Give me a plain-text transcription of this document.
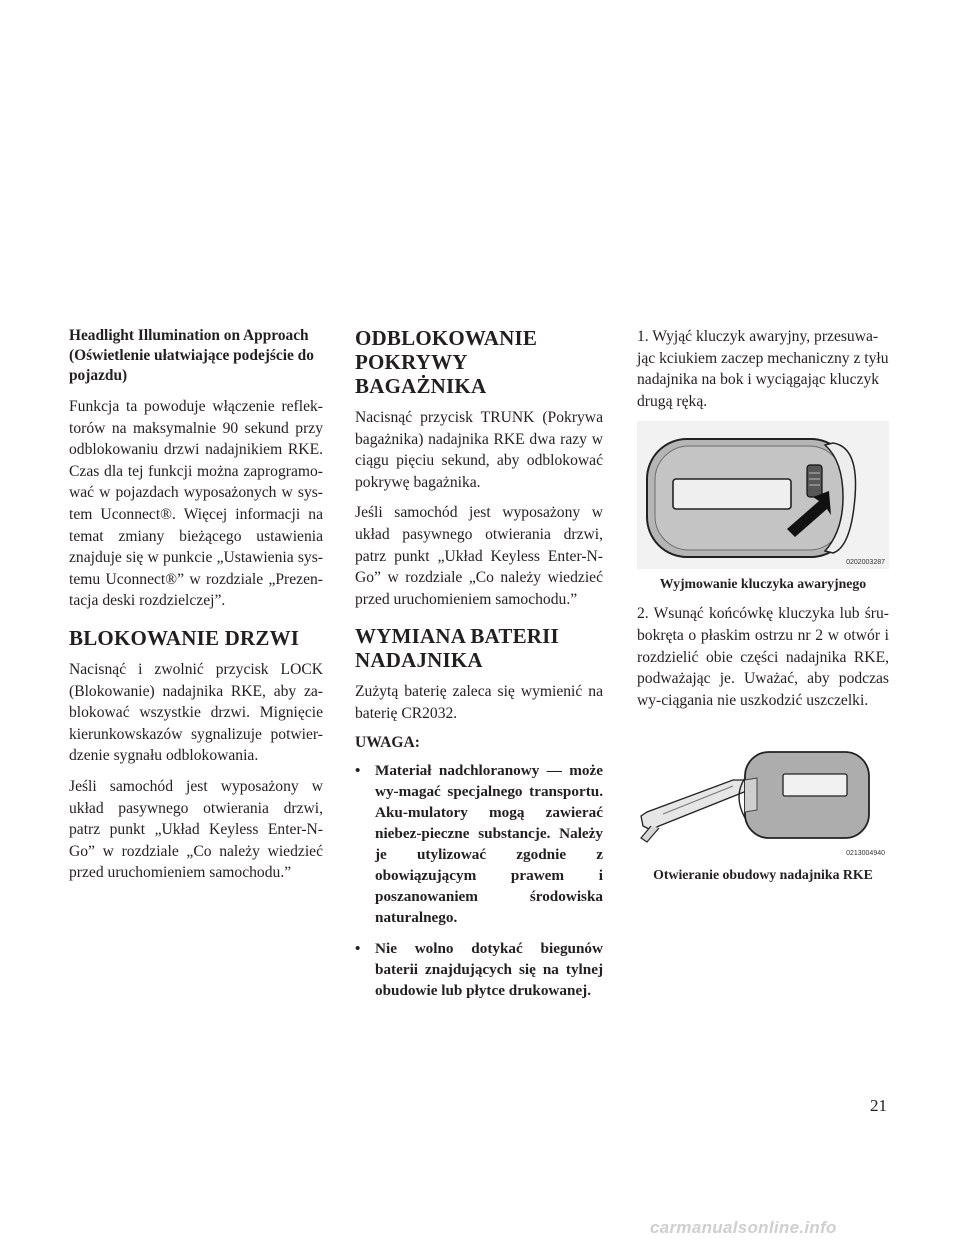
Headlight Illumination on Approach (Oświetlenie ułatwiające podejście do pojazdu)

Funkcja ta powoduje włączenie reflek-torów na maksymalnie 90 sekund przy odblokowaniu drzwi nadajnikiem RKE. Czas dla tej funkcji można zaprogramo-wać w pojazdach wyposażonych w sys-tem Uconnect®. Więcej informacji na temat zmiany bieżącego ustawienia znajduje się w punkcie „Ustawienia sys-temu Uconnect®” w rozdziale „Prezen-tacja deski rozdzielczej”.

BLOKOWANIE DRZWI

Nacisnąć i zwolnić przycisk LOCK (Blokowanie) nadajnika RKE, aby za-blokować wszystkie drzwi. Mignięcie kierunkowskazów sygnalizuje potwier-dzenie sygnału odblokowania.

Jeśli samochód jest wyposażony w układ pasywnego otwierania drzwi, patrz punkt „Układ Keyless Enter-N-Go” w rozdziale „Co należy wiedzieć przed uruchomieniem samochodu.”

ODBLOKOWANIE POKRYWY BAGAŻNIKA

Nacisnąć przycisk TRUNK (Pokrywa bagażnika) nadajnika RKE dwa razy w ciągu pięciu sekund, aby odblokować pokrywę bagażnika.

Jeśli samochód jest wyposażony w układ pasywnego otwierania drzwi, patrz punkt „Układ Keyless Enter-N-Go” w rozdziale „Co należy wiedzieć przed uruchomieniem samochodu.”

WYMIANA BATERII NADAJNIKA

Zużytą baterię zaleca się wymienić na baterię CR2032.

UWAGA:
• Materiał nadchloranowy — może wy-magać specjalnego transportu. Aku-mulatory mogą zawierać niebez-pieczne substancje. Należy je utylizować zgodnie z obowiązującym prawem i poszanowaniem środowiska naturalnego.
• Nie wolno dotykać biegunów baterii znajdujących się na tylnej obudowie lub płytce drukowanej.

1. Wyjąć kluczyk awaryjny, przesuwa-jąc kciukiem zaczep mechaniczny z tyłu nadajnika na bok i wyciągając kluczyk drugą ręką.

0202003287
Wyjmowanie kluczyka awaryjnego

2. Wsunąć końcówkę kluczyka lub śru-bokręta o płaskim ostrzu nr 2 w otwór i rozdzielić obie części nadajnika RKE, podważając je. Uważać, aby podczas wy-ciągania nie uszkodzić uszczelki.

0213004940
Otwieranie obudowy nadajnika RKE
21
carmanualsonline.info
